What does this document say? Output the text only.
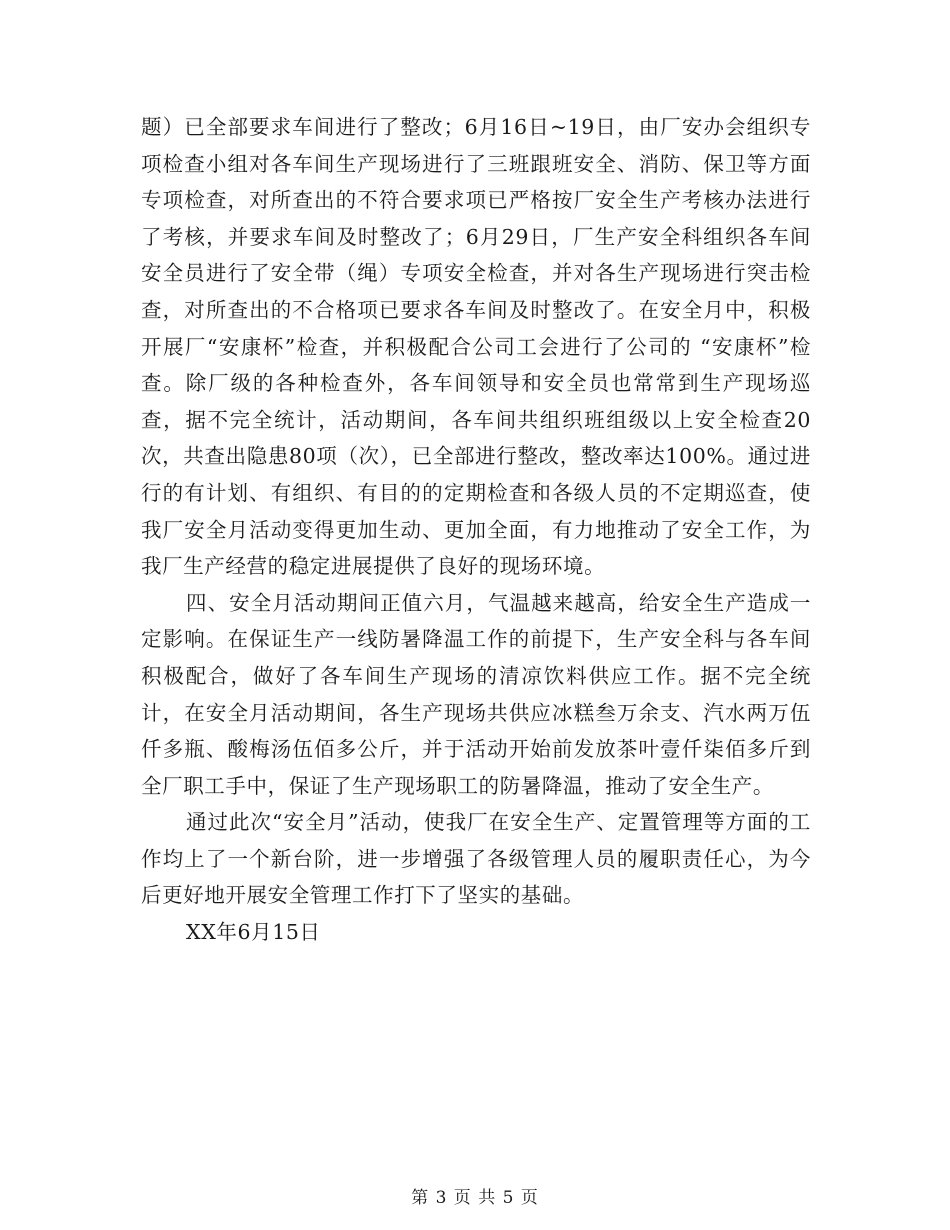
题）已全部要求车间进行了整改；6月16日~19日，由厂安办会组织专项检查小组对各车间生产现场进行了三班跟班安全、消防、保卫等方面专项检查，对所查出的不符合要求项已严格按厂安全生产考核办法进行了考核，并要求车间及时整改了；6月29日，厂生产安全科组织各车间安全员进行了安全带（绳）专项安全检查，并对各生产现场进行突击检查，对所查出的不合格项已要求各车间及时整改了。在安全月中，积极开展厂“安康杯”检查，并积极配合公司工会进行了公司的 “安康杯”检查。除厂级的各种检查外，各车间领导和安全员也常常到生产现场巡查，据不完全统计，活动期间，各车间共组织班组级以上安全检查20次，共查出隐患80项（次），已全部进行整改，整改率达100%。通过进行的有计划、有组织、有目的的定期检查和各级人员的不定期巡查，使我厂安全月活动变得更加生动、更加全面，有力地推动了安全工作，为我厂生产经营的稳定进展提供了良好的现场环境。

四、安全月活动期间正值六月，气温越来越高，给安全生产造成一定影响。在保证生产一线防暑降温工作的前提下，生产安全科与各车间积极配合，做好了各车间生产现场的清凉饮料供应工作。据不完全统计，在安全月活动期间，各生产现场共供应冰糕叁万余支、汽水两万伍仟多瓶、酸梅汤伍佰多公斤，并于活动开始前发放茶叶壹仟柒佰多斤到全厂职工手中，保证了生产现场职工的防暑降温，推动了安全生产。

通过此次“安全月”活动，使我厂在安全生产、定置管理等方面的工作均上了一个新台阶，进一步增强了各级管理人员的履职责任心，为今后更好地开展安全管理工作打下了坚实的基础。

XX年6月15日

第 3 页 共 5 页
